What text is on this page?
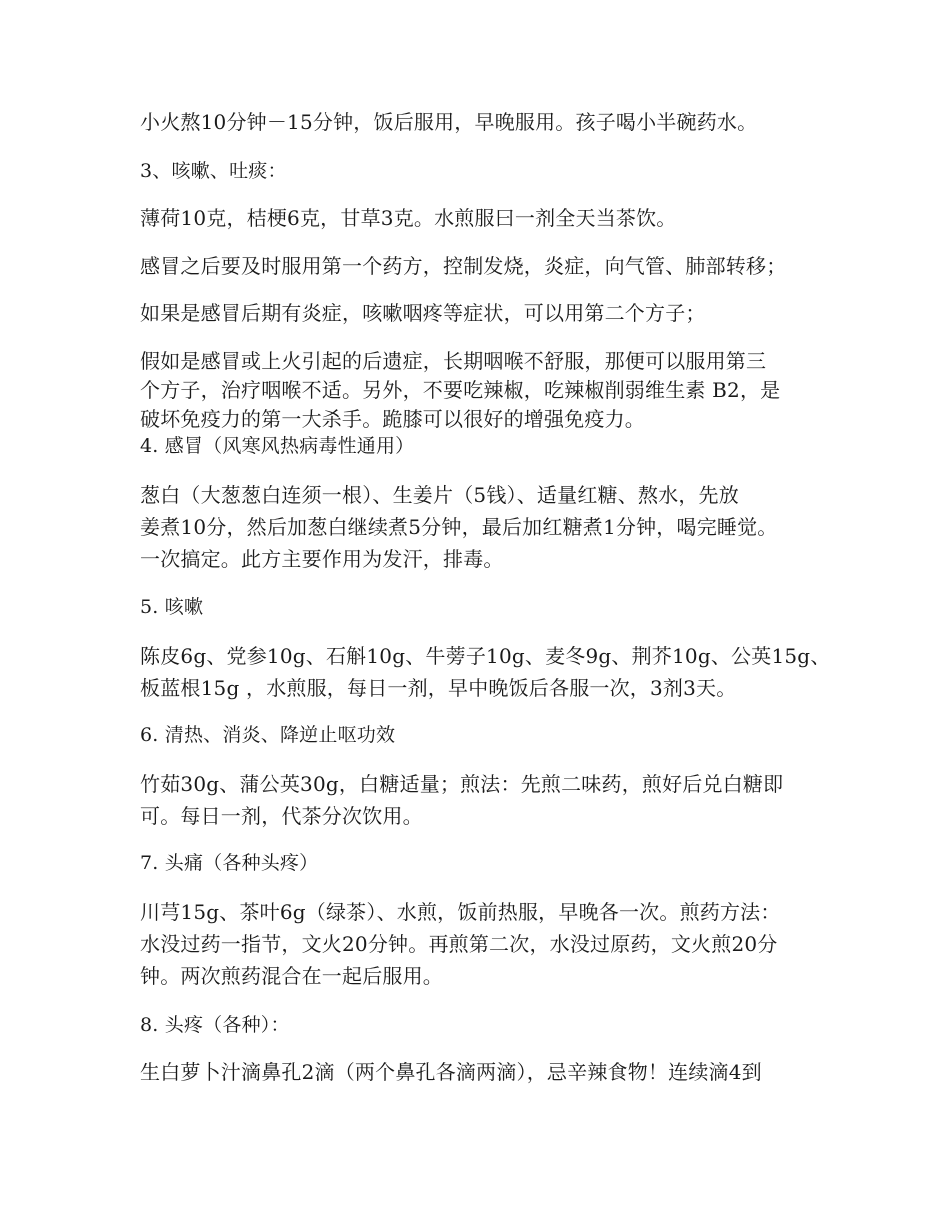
小火熬10分钟－15分钟，饭后服用，早晚服用。孩子喝小半碗药水。

3、咳嗽、吐痰：

薄荷10克，桔梗6克，甘草3克。水煎服曰一剂全天当茶饮。

感冒之后要及时服用第一个药方，控制发烧，炎症，向气管、肺部转移；

如果是感冒后期有炎症，咳嗽咽疼等症状，可以用第二个方子；

假如是感冒或上火引起的后遗症，长期咽喉不舒服，那便可以服用第三

个方子，治疗咽喉不适。另外，不要吃辣椒，吃辣椒削弱维生素 B2，是

破坏免疫力的第一大杀手。跪膝可以很好的增强免疫力。

4. 感冒（风寒风热病毒性通用）

葱白（大葱葱白连须一根）、生姜片（5钱）、适量红糖、熬水，先放

姜煮10分，然后加葱白继续煮5分钟，最后加红糖煮1分钟，喝完睡觉。

一次搞定。此方主要作用为发汗，排毒。

5. 咳嗽

陈皮6g、党参10g、石斛10g、牛蒡子10g、麦冬9g、荆芥10g、公英15g、

板蓝根15g ，水煎服，每日一剂，早中晚饭后各服一次，3剂3天。

6. 清热、消炎、降逆止呕功效

竹茹30g、蒲公英30g，白糖适量；煎法：先煎二味药，煎好后兑白糖即

可。每日一剂，代茶分次饮用。

7. 头痛（各种头疼）

川芎15g、茶叶6g（绿茶）、水煎，饭前热服，早晚各一次。煎药方法：

水没过药一指节，文火20分钟。再煎第二次，水没过原药，文火煎20分

钟。两次煎药混合在一起后服用。

8. 头疼（各种）：

生白萝卜汁滴鼻孔2滴（两个鼻孔各滴两滴），忌辛辣食物！连续滴4到
